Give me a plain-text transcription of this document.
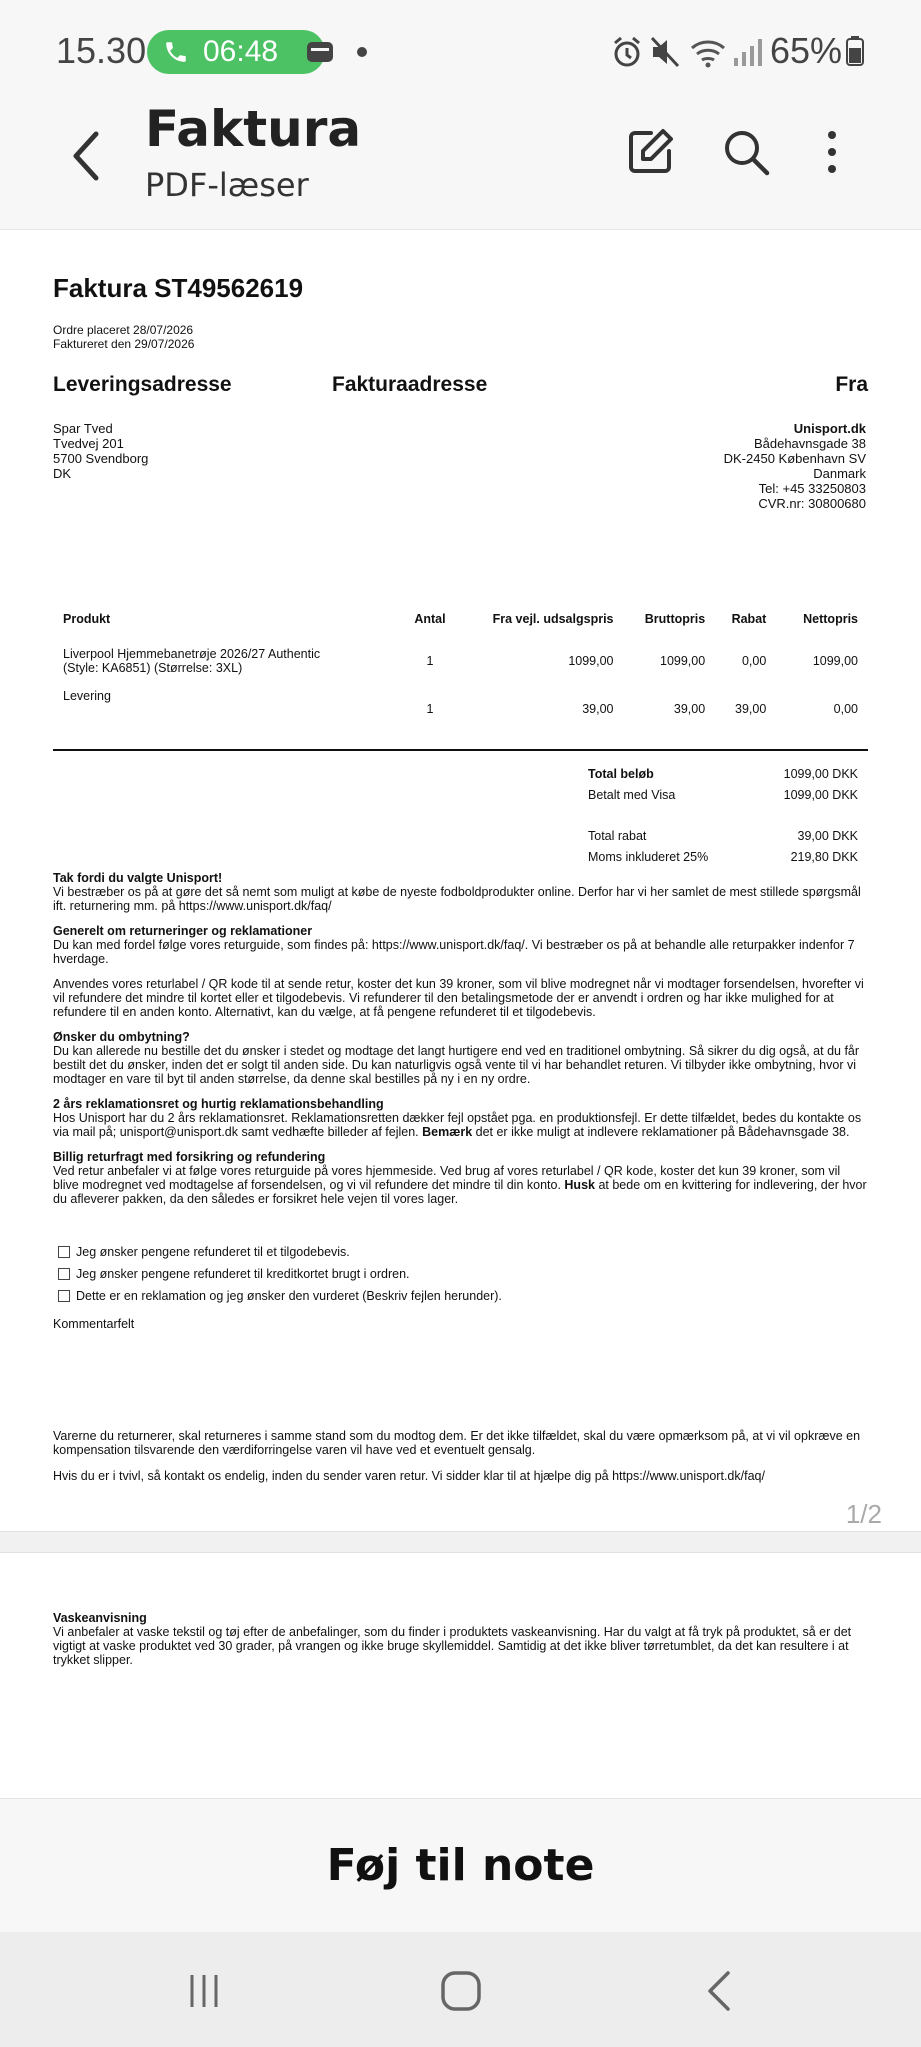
15.30 06:48	65%
Faktura
PDF-læser
Faktura ST49562619
Ordre placeret 28/07/2026
Faktureret den 29/07/2026
Leveringsadresse	Fakturaadresse	Fra
Spar Tved
Tvedvej 201
5700 Svendborg
DK
Unisport.dk
Bådehavnsgade 38
DK-2450 København SV
Danmark
Tel: +45 33250803
CVR.nr: 30800680
Produkt	Antal	Fra vejl. udsalgspris	Bruttopris	Rabat	Nettopris

Liverpool Hjemmebanetrøje 2026/27 Authentic
(Style: KA6851) (Størrelse: 3XL)	1	1099,00	1099,00	0,00	1099,00

Levering	1	39,00	39,00	39,00	0,00
Total beløb	1099,00 DKK
Betalt med Visa	1099,00 DKK
Total rabat	39,00 DKK
Moms inkluderet 25%	219,80 DKK

Tak fordi du valgte Unisport!
Vi bestræber os på at gøre det så nemt som muligt at købe de nyeste fodboldprodukter online. Derfor har vi her samlet de mest stillede spørgsmål ift. returnering mm. på https://www.unisport.dk/faq/

Generelt om returneringer og reklamationer
Du kan med fordel følge vores returguide, som findes på: https://www.unisport.dk/faq/. Vi bestræber os på at behandle alle returpakker indenfor 7 hverdage.

Anvendes vores returlabel / QR kode til at sende retur, koster det kun 39 kroner, som vil blive modregnet når vi modtager forsendelsen, hvorefter vi vil refundere det mindre til kortet eller et tilgodebevis. Vi refunderer til den betalingsmetode der er anvendt i ordren og har ikke mulighed for at refundere til en anden konto. Alternativt, kan du vælge, at få pengene refunderet til et tilgodebevis.

Ønsker du ombytning?
Du kan allerede nu bestille det du ønsker i stedet og modtage det langt hurtigere end ved en traditionel ombytning. Så sikrer du dig også, at du får bestilt det du ønsker, inden det er solgt til anden side. Du kan naturligvis også vente til vi har behandlet returen. Vi tilbyder ikke ombytning, hvor vi modtager en vare til byt til anden størrelse, da denne skal bestilles på ny i en ny ordre.

2 års reklamationsret og hurtig reklamationsbehandling
Hos Unisport har du 2 års reklamationsret. Reklamationsretten dækker fejl opstået pga. en produktionsfejl. Er dette tilfældet, bedes du kontakte os via mail på; unisport@unisport.dk samt vedhæfte billeder af fejlen. Bemærk det er ikke muligt at indlevere reklamationer på Bådehavnsgade 38.

Billig returfragt med forsikring og refundering
Ved retur anbefaler vi at følge vores returguide på vores hjemmeside. Ved brug af vores returlabel / QR kode, koster det kun 39 kroner, som vil blive modregnet ved modtagelse af forsendelsen, og vi vil refundere det mindre til din konto. Husk at bede om en kvittering for indlevering, der hvor du afleverer pakken, da den således er forsikret hele vejen til vores lager.

Jeg ønsker pengene refunderet til et tilgodebevis.
Jeg ønsker pengene refunderet til kreditkortet brugt i ordren.
Dette er en reklamation og jeg ønsker den vurderet (Beskriv fejlen herunder).
Kommentarfelt

Varerne du returnerer, skal returneres i samme stand som du modtog dem. Er det ikke tilfældet, skal du være opmærksom på, at vi vil opkræve en kompensation tilsvarende den værdiforringelse varen vil have ved et eventuelt gensalg.

Hvis du er i tvivl, så kontakt os endelig, inden du sender varen retur. Vi sidder klar til at hjælpe dig på https://www.unisport.dk/faq/

1/2
Vaskeanvisning
Vi anbefaler at vaske tekstil og tøj efter de anbefalinger, som du finder i produktets vaskeanvisning. Har du valgt at få tryk på produktet, så er det vigtigt at vaske produktet ved 30 grader, på vrangen og ikke bruge skyllemiddel. Samtidig at det ikke bliver tørretumblet, da det kan resultere i at trykket slipper.
Føj til note
